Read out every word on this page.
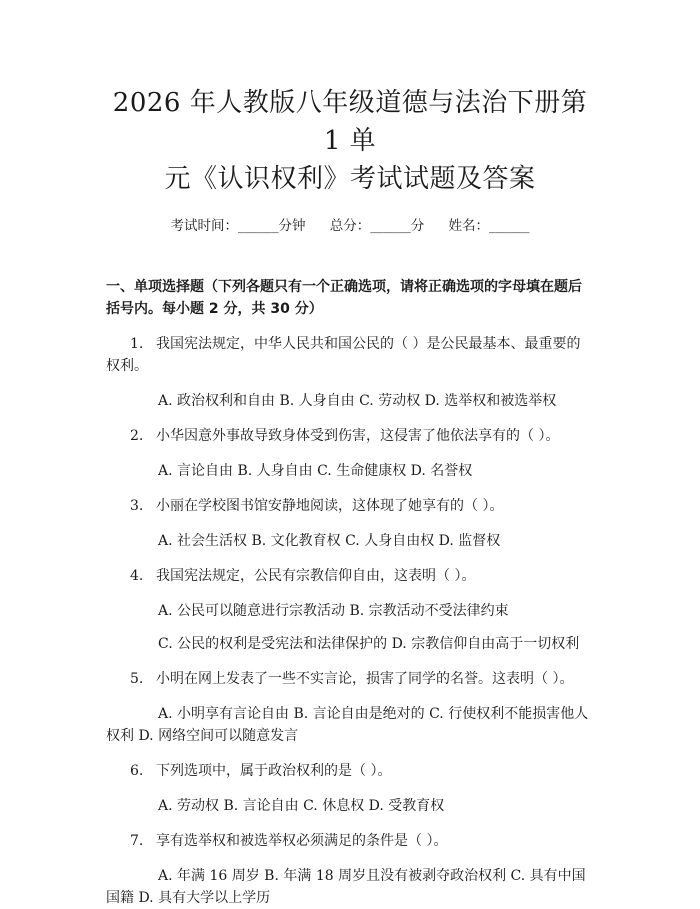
2026 年人教版八年级道德与法治下册第 1 单
元《认识权利》考试试题及答案
考试时间：______分钟 总分：______分 姓名：______
一、单项选择题（下列各题只有一个正确选项，请将正确选项的字母填在题后括号内。每小题 2 分，共 30 分）
1. 我国宪法规定，中华人民共和国公民的（ ）是公民最基本、最重要的权利。
A. 政治权利和自由 B. 人身自由 C. 劳动权 D. 选举权和被选举权
2. 小华因意外事故导致身体受到伤害，这侵害了他依法享有的（ ）。
A. 言论自由 B. 人身自由 C. 生命健康权 D. 名誉权
3. 小丽在学校图书馆安静地阅读，这体现了她享有的（ ）。
A. 社会生活权 B. 文化教育权 C. 人身自由权 D. 监督权
4. 我国宪法规定，公民有宗教信仰自由，这表明（ ）。
A. 公民可以随意进行宗教活动 B. 宗教活动不受法律约束
C. 公民的权利是受宪法和法律保护的 D. 宗教信仰自由高于一切权利
5. 小明在网上发表了一些不实言论，损害了同学的名誉。这表明（ ）。
A. 小明享有言论自由 B. 言论自由是绝对的 C. 行使权利不能损害他人权利 D. 网络空间可以随意发言
6. 下列选项中，属于政治权利的是（ ）。
A. 劳动权 B. 言论自由 C. 休息权 D. 受教育权
7. 享有选举权和被选举权必须满足的条件是（ ）。
A. 年满 16 周岁 B. 年满 18 周岁且没有被剥夺政治权利 C. 具有中国国籍 D. 具有大学以上学历
